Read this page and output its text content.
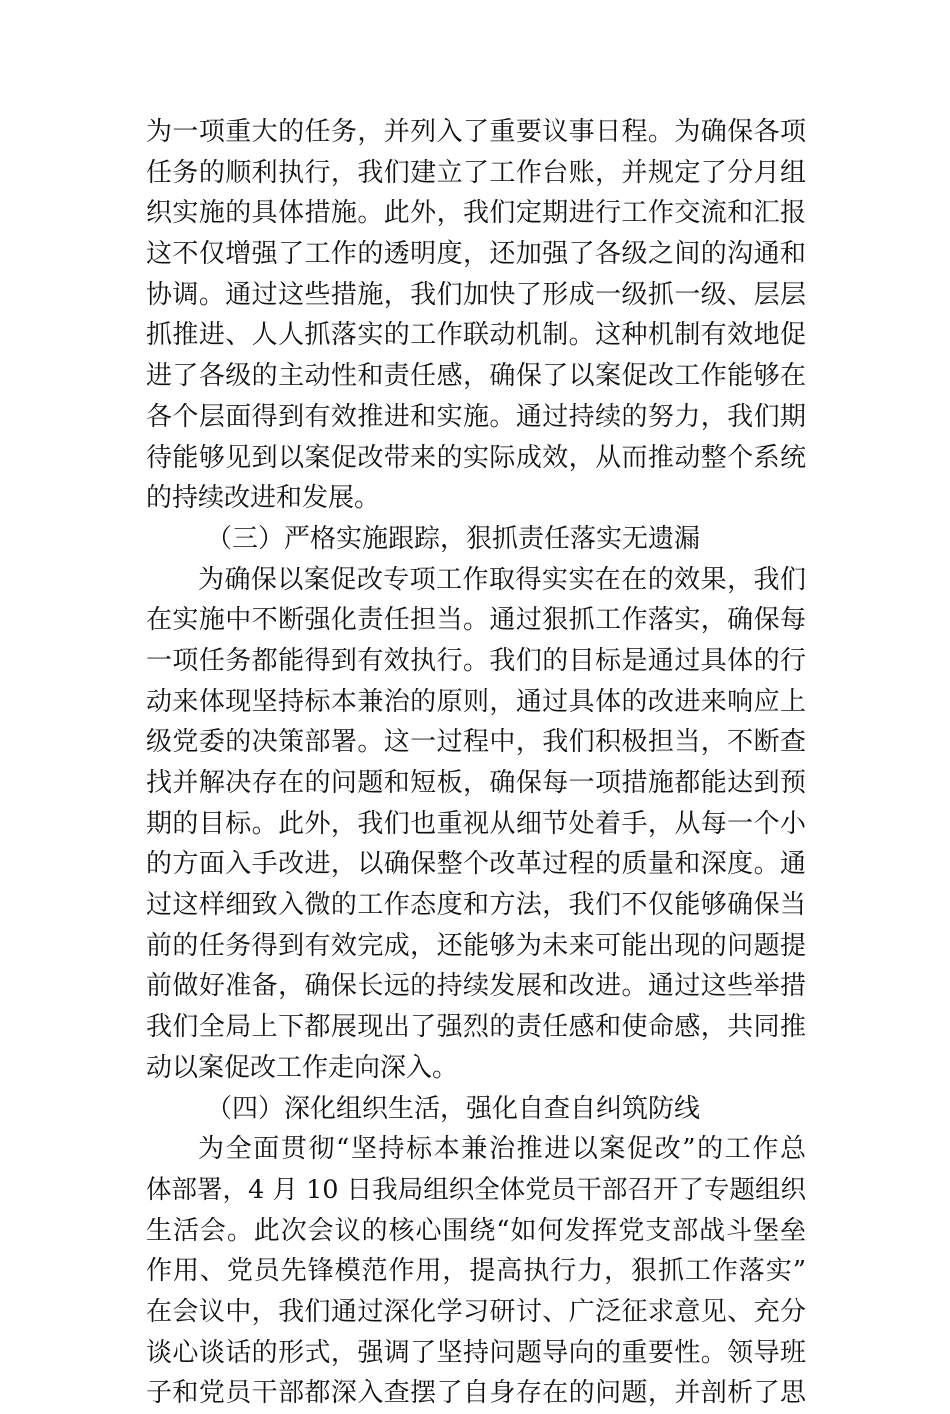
为一项重大的任务，并列入了重要议事日程。为确保各项
任务的顺利执行，我们建立了工作台账，并规定了分月组
织实施的具体措施。此外，我们定期进行工作交流和汇报
这不仅增强了工作的透明度，还加强了各级之间的沟通和
协调。通过这些措施，我们加快了形成一级抓一级、层层
抓推进、人人抓落实的工作联动机制。这种机制有效地促
进了各级的主动性和责任感，确保了以案促改工作能够在
各个层面得到有效推进和实施。通过持续的努力，我们期
待能够见到以案促改带来的实际成效，从而推动整个系统
的持续改进和发展。
（三）严格实施跟踪，狠抓责任落实无遗漏
为确保以案促改专项工作取得实实在在的效果，我们
在实施中不断强化责任担当。通过狠抓工作落实，确保每
一项任务都能得到有效执行。我们的目标是通过具体的行
动来体现坚持标本兼治的原则，通过具体的改进来响应上
级党委的决策部署。这一过程中，我们积极担当，不断查
找并解决存在的问题和短板，确保每一项措施都能达到预
期的目标。此外，我们也重视从细节处着手，从每一个小
的方面入手改进，以确保整个改革过程的质量和深度。通
过这样细致入微的工作态度和方法，我们不仅能够确保当
前的任务得到有效完成，还能够为未来可能出现的问题提
前做好准备，确保长远的持续发展和改进。通过这些举措
我们全局上下都展现出了强烈的责任感和使命感，共同推
动以案促改工作走向深入。
（四）深化组织生活，强化自查自纠筑防线
为全面贯彻“坚持标本兼治推进以案促改”的工作总
体部署，4 月 10 日我局组织全体党员干部召开了专题组织
生活会。此次会议的核心围绕“如何发挥党支部战斗堡垒
作用、党员先锋模范作用，提高执行力，狠抓工作落实”
在会议中，我们通过深化学习研讨、广泛征求意见、充分
谈心谈话的形式，强调了坚持问题导向的重要性。领导班
子和党员干部都深入查摆了自身存在的问题，并剖析了思
